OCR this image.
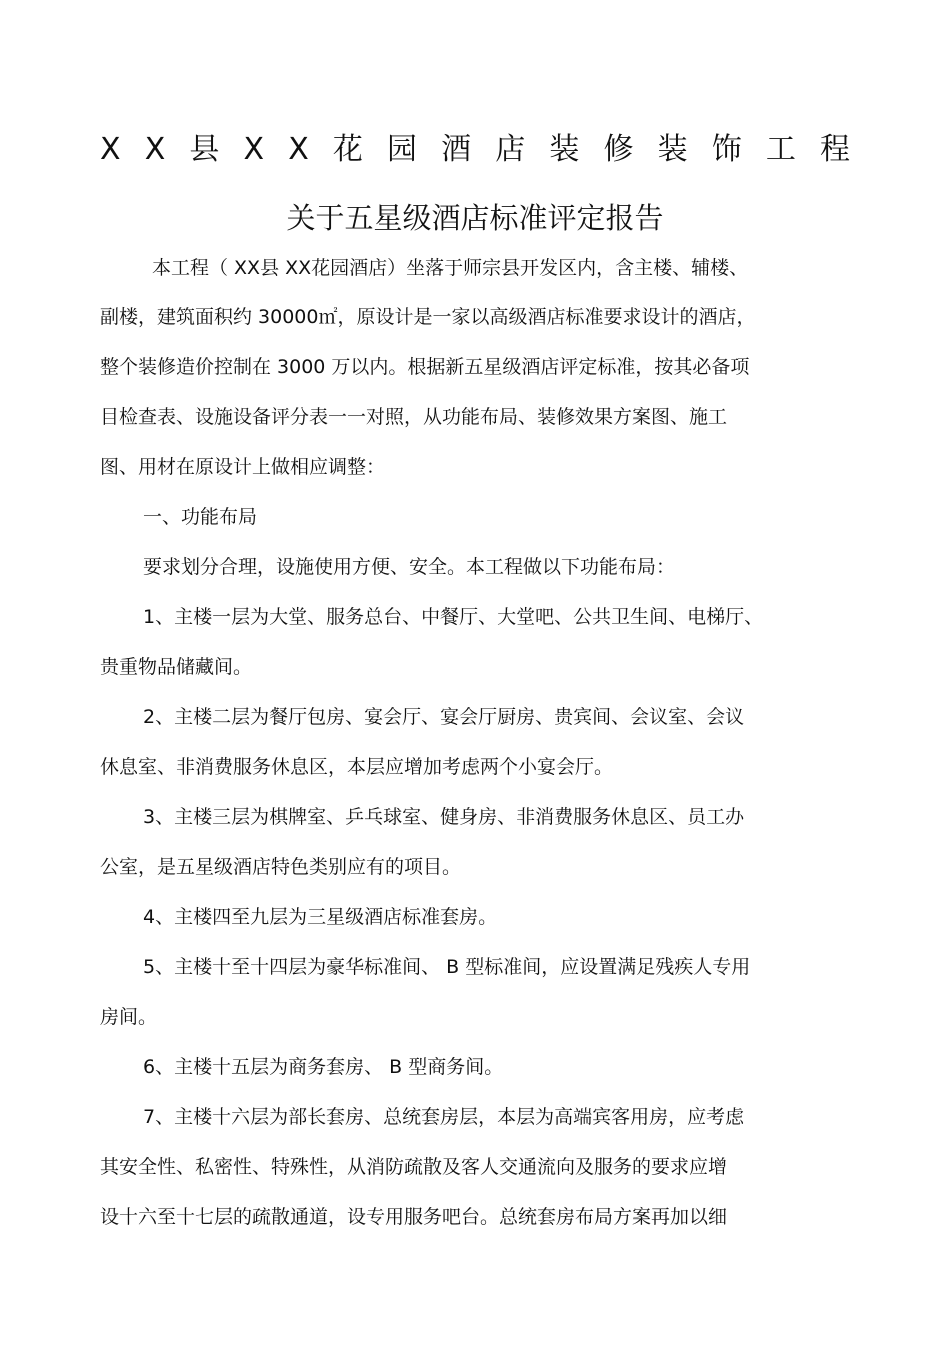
X X 县 X X 花 园 酒 店 装 修 装 饰 工 程
关于五星级酒店标准评定报告
本工程（ XX县 XX花园酒店）坐落于师宗县开发区内，含主楼、辅楼、
副楼，建筑面积约 30000㎡，原设计是一家以高级酒店标准要求设计的酒店，
整个装修造价控制在 3000 万以内。根据新五星级酒店评定标准，按其必备项
目检查表、设施设备评分表一一对照，从功能布局、装修效果方案图、施工
图、用材在原设计上做相应调整：
一、功能布局
要求划分合理，设施使用方便、安全。本工程做以下功能布局：
1、主楼一层为大堂、服务总台、中餐厅、大堂吧、公共卫生间、电梯厅、
贵重物品储藏间。
2、主楼二层为餐厅包房、宴会厅、宴会厅厨房、贵宾间、会议室、会议
休息室、非消费服务休息区，本层应增加考虑两个小宴会厅。
3、主楼三层为棋牌室、乒乓球室、健身房、非消费服务休息区、员工办
公室，是五星级酒店特色类别应有的项目。
4、主楼四至九层为三星级酒店标准套房。
5、主楼十至十四层为豪华标准间、 B 型标准间，应设置满足残疾人专用
房间。
6、主楼十五层为商务套房、 B 型商务间。
7、主楼十六层为部长套房、总统套房层，本层为高端宾客用房，应考虑
其安全性、私密性、特殊性，从消防疏散及客人交通流向及服务的要求应增
设十六至十七层的疏散通道，设专用服务吧台。总统套房布局方案再加以细
